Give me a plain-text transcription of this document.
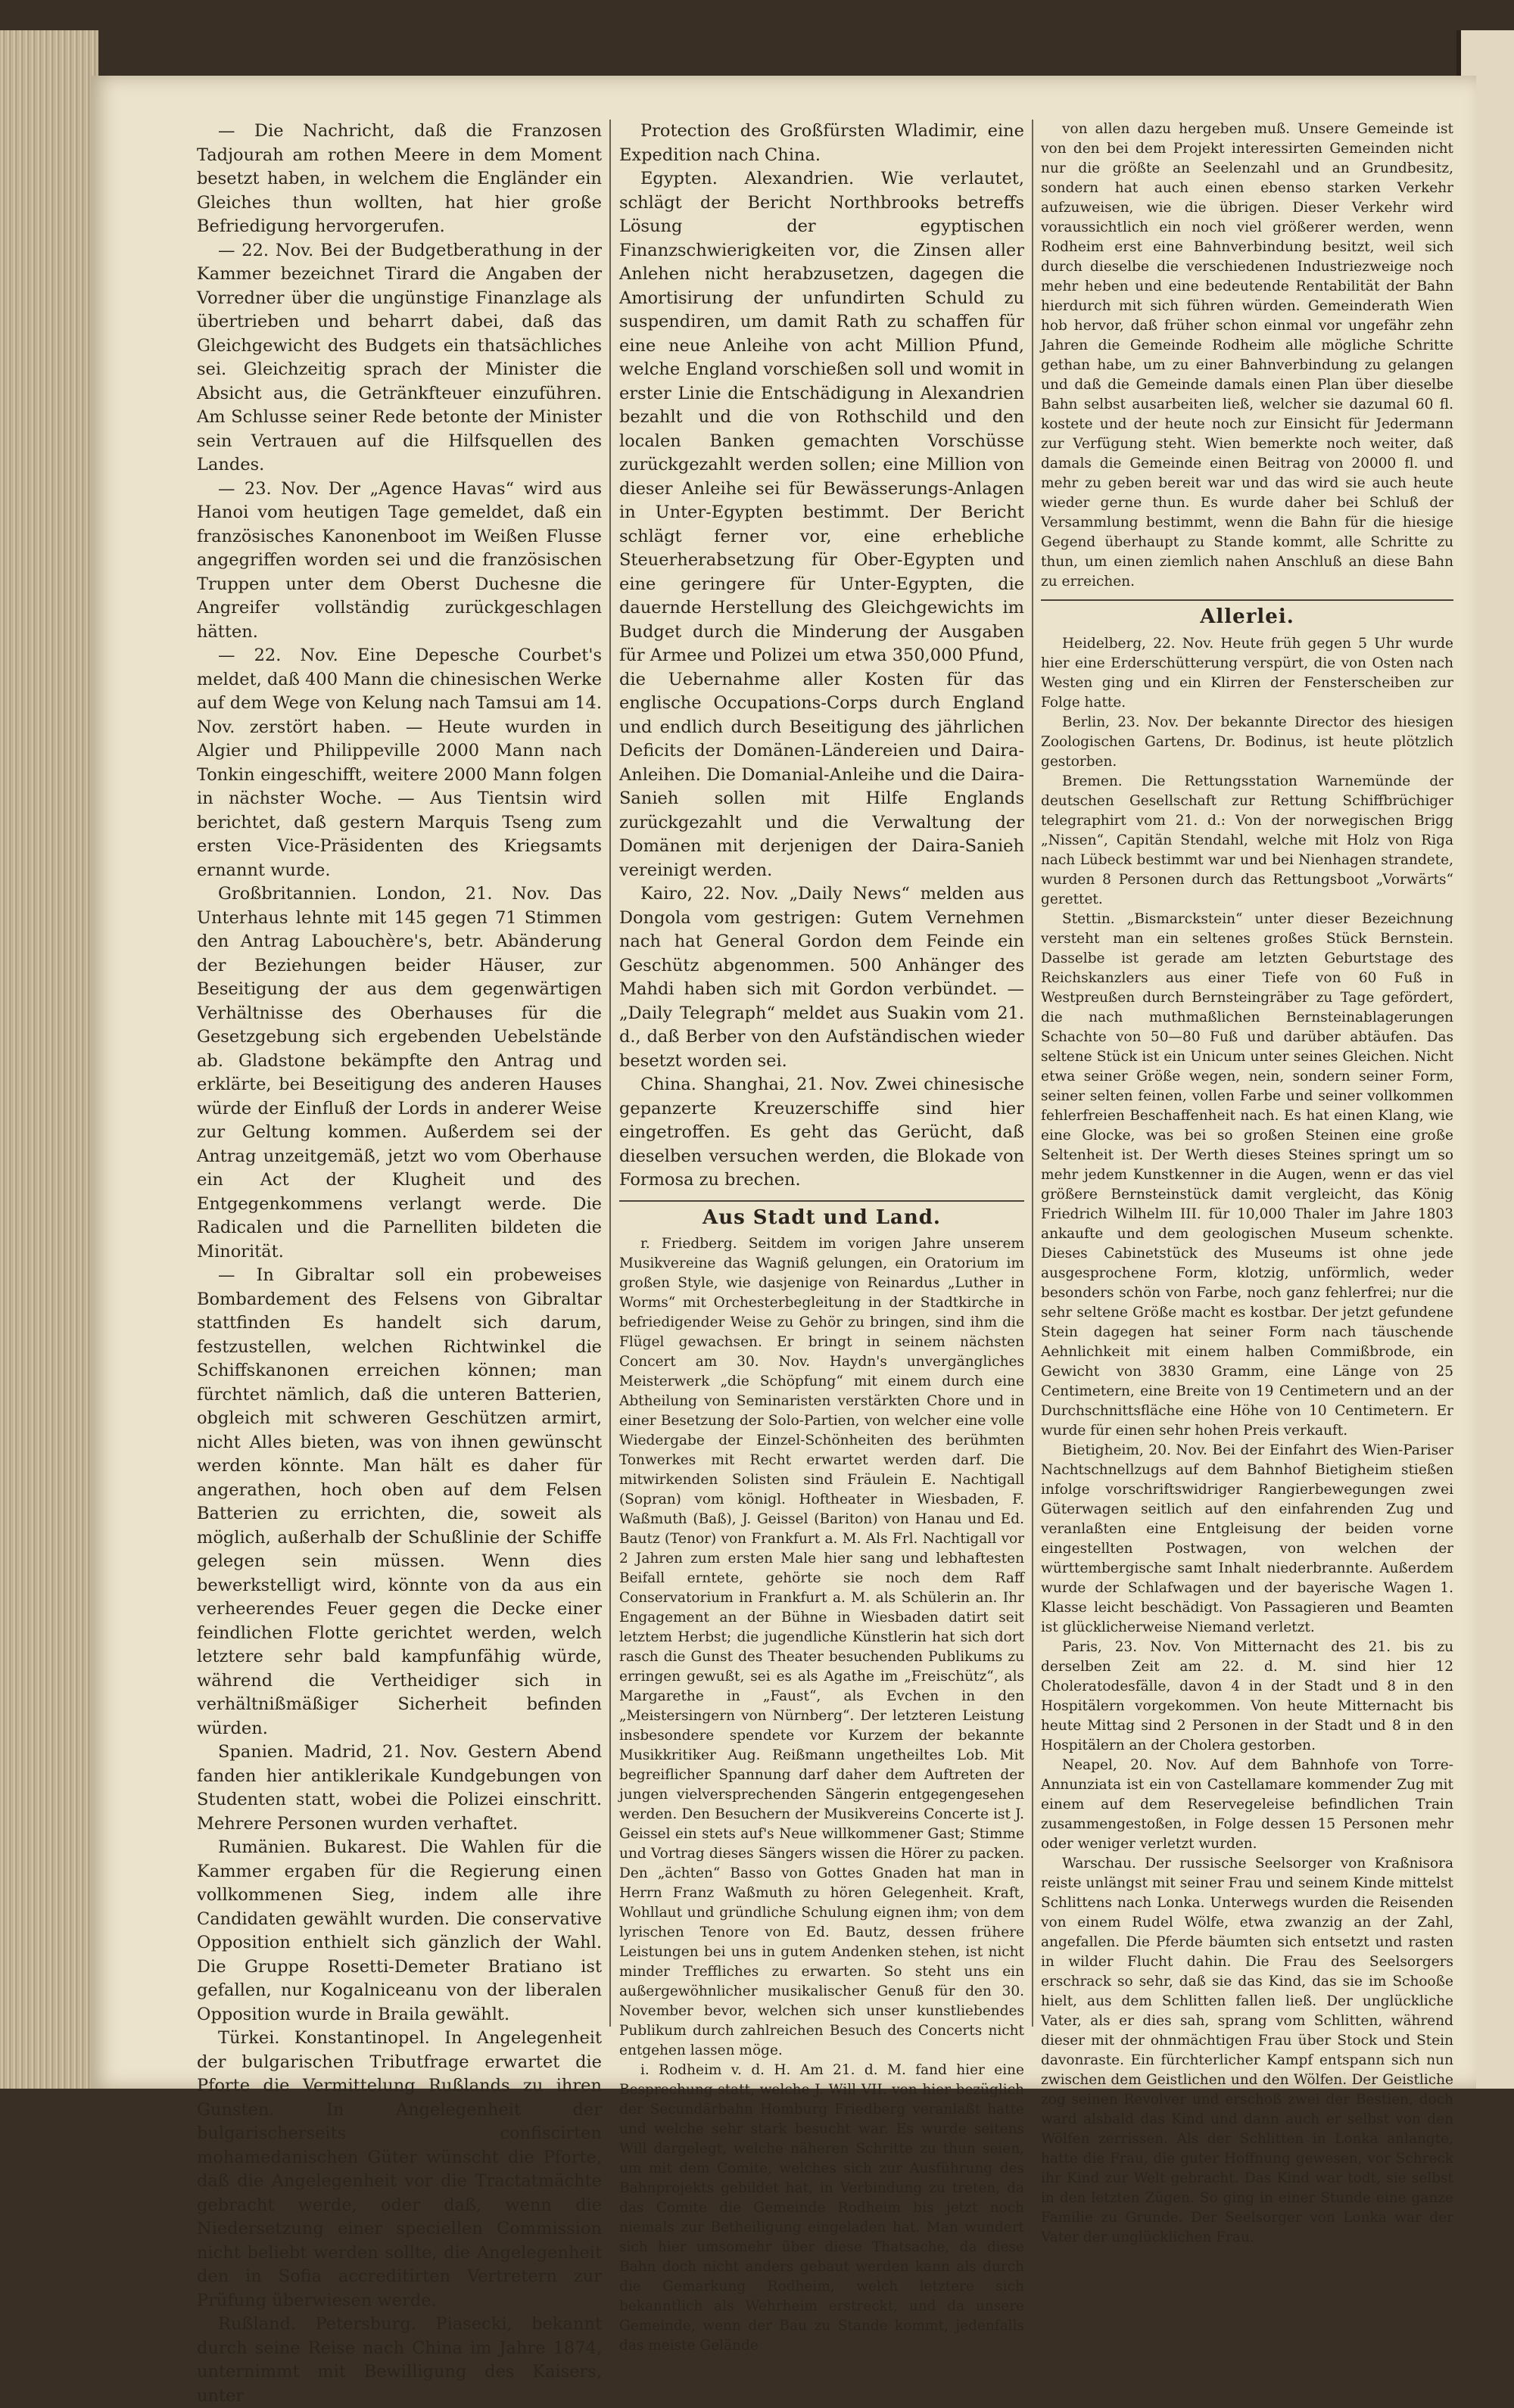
— Die Nachricht, daß die Franzosen Tadjourah am rothen Meere in dem Moment besetzt haben, in welchem die Engländer ein Gleiches thun wollten, hat hier große Befriedigung hervorgerufen.

— 22. Nov. Bei der Budgetberathung in der Kammer bezeichnet Tirard die Angaben der Vorredner über die ungünstige Finanzlage als übertrieben und beharrt dabei, daß das Gleichgewicht des Budgets ein thatsächliches sei. Gleichzeitig sprach der Minister die Absicht aus, die Getränkfteuer einzuführen. Am Schlusse seiner Rede betonte der Minister sein Vertrauen auf die Hilfsquellen des Landes.

— 23. Nov. Der „Agence Havas“ wird aus Hanoi vom heutigen Tage gemeldet, daß ein französisches Kanonenboot im Weißen Flusse angegriffen worden sei und die französischen Truppen unter dem Oberst Duchesne die Angreifer vollständig zurückgeschlagen hätten.

— 22. Nov. Eine Depesche Courbet's meldet, daß 400 Mann die chinesischen Werke auf dem Wege von Kelung nach Tamsui am 14. Nov. zerstört haben. — Heute wurden in Algier und Philippeville 2000 Mann nach Tonkin eingeschifft, weitere 2000 Mann folgen in nächster Woche. — Aus Tientsin wird berichtet, daß gestern Marquis Tseng zum ersten Vice-Präsidenten des Kriegsamts ernannt wurde.

Großbritannien. London, 21. Nov. Das Unterhaus lehnte mit 145 gegen 71 Stimmen den Antrag Labouchère's, betr. Abänderung der Beziehungen beider Häuser, zur Beseitigung der aus dem gegenwärtigen Verhältnisse des Oberhauses für die Gesetzgebung sich ergebenden Uebelstände ab. Gladstone bekämpfte den Antrag und erklärte, bei Beseitigung des anderen Hauses würde der Einfluß der Lords in anderer Weise zur Geltung kommen. Außerdem sei der Antrag unzeitgemäß, jetzt wo vom Oberhause ein Act der Klugheit und des Entgegenkommens verlangt werde. Die Radicalen und die Parnelliten bildeten die Minorität.

— In Gibraltar soll ein probeweises Bombardement des Felsens von Gibraltar stattfinden Es handelt sich darum, festzustellen, welchen Richtwinkel die Schiffskanonen erreichen können; man fürchtet nämlich, daß die unteren Batterien, obgleich mit schweren Geschützen armirt, nicht Alles bieten, was von ihnen gewünscht werden könnte. Man hält es daher für angerathen, hoch oben auf dem Felsen Batterien zu errichten, die, soweit als möglich, außerhalb der Schußlinie der Schiffe gelegen sein müssen. Wenn dies bewerkstelligt wird, könnte von da aus ein verheerendes Feuer gegen die Decke einer feindlichen Flotte gerichtet werden, welch letztere sehr bald kampfunfähig würde, während die Vertheidiger sich in verhältnißmäßiger Sicherheit befinden würden.

Spanien. Madrid, 21. Nov. Gestern Abend fanden hier antiklerikale Kundgebungen von Studenten statt, wobei die Polizei einschritt. Mehrere Personen wurden verhaftet.

Rumänien. Bukarest. Die Wahlen für die Kammer ergaben für die Regierung einen vollkommenen Sieg, indem alle ihre Candidaten gewählt wurden. Die conservative Opposition enthielt sich gänzlich der Wahl. Die Gruppe Rosetti-Demeter Bratiano ist gefallen, nur Kogalniceanu von der liberalen Opposition wurde in Braila gewählt.

Türkei. Konstantinopel. In Angelegenheit der bulgarischen Tributfrage erwartet die Pforte die Vermittelung Rußlands zu ihren Gunsten. In Angelegenheit der bulgarischerseits confiscirten mohamedanischen Güter wünscht die Pforte, daß die Angelegenheit vor die Tractatmächte gebracht werde, oder daß, wenn die Niedersetzung einer speciellen Commission nicht beliebt werden sollte, die Angelegenheit den in Sofia accreditirten Vertretern zur Prüfung überwiesen werde.

Rußland. Petersburg. Piasecki, bekannt durch seine Reise nach China im Jahre 1874, unternimmt mit Bewilligung des Kaisers, unter

Protection des Großfürsten Wladimir, eine Expedition nach China.

Egypten. Alexandrien. Wie verlautet, schlägt der Bericht Northbrooks betreffs Lösung der egyptischen Finanzschwierigkeiten vor, die Zinsen aller Anlehen nicht herabzusetzen, dagegen die Amortisirung der unfundirten Schuld zu suspendiren, um damit Rath zu schaffen für eine neue Anleihe von acht Million Pfund, welche England vorschießen soll und womit in erster Linie die Entschädigung in Alexandrien bezahlt und die von Rothschild und den localen Banken gemachten Vorschüsse zurückgezahlt werden sollen; eine Million von dieser Anleihe sei für Bewässerungs-Anlagen in Unter-Egypten bestimmt. Der Bericht schlägt ferner vor, eine erhebliche Steuerherabsetzung für Ober-Egypten und eine geringere für Unter-Egypten, die dauernde Herstellung des Gleichgewichts im Budget durch die Minderung der Ausgaben für Armee und Polizei um etwa 350,000 Pfund, die Uebernahme aller Kosten für das englische Occupations-Corps durch England und endlich durch Beseitigung des jährlichen Deficits der Domänen-Ländereien und Daira-Anleihen. Die Domanial-Anleihe und die Daira-Sanieh sollen mit Hilfe Englands zurückgezahlt und die Verwaltung der Domänen mit derjenigen der Daira-Sanieh vereinigt werden.

Kairo, 22. Nov. „Daily News“ melden aus Dongola vom gestrigen: Gutem Vernehmen nach hat General Gordon dem Feinde ein Geschütz abgenommen. 500 Anhänger des Mahdi haben sich mit Gordon verbündet. — „Daily Telegraph“ meldet aus Suakin vom 21. d., daß Berber von den Aufständischen wieder besetzt worden sei.

China. Shanghai, 21. Nov. Zwei chinesische gepanzerte Kreuzerschiffe sind hier eingetroffen. Es geht das Gerücht, daß dieselben versuchen werden, die Blokade von Formosa zu brechen.

Aus Stadt und Land.

r. Friedberg. Seitdem im vorigen Jahre unserem Musikvereine das Wagniß gelungen, ein Oratorium im großen Style, wie dasjenige von Reinardus „Luther in Worms“ mit Orchesterbegleitung in der Stadtkirche in befriedigender Weise zu Gehör zu bringen, sind ihm die Flügel gewachsen. Er bringt in seinem nächsten Concert am 30. Nov. Haydn's unvergängliches Meisterwerk „die Schöpfung“ mit einem durch eine Abtheilung von Seminaristen verstärkten Chore und in einer Besetzung der Solo-Partien, von welcher eine volle Wiedergabe der Einzel-Schönheiten des berühmten Tonwerkes mit Recht erwartet werden darf. Die mitwirkenden Solisten sind Fräulein E. Nachtigall (Sopran) vom königl. Hoftheater in Wiesbaden, F. Waßmuth (Baß), J. Geissel (Bariton) von Hanau und Ed. Bautz (Tenor) von Frankfurt a. M. Als Frl. Nachtigall vor 2 Jahren zum ersten Male hier sang und lebhaftesten Beifall erntete, gehörte sie noch dem Raff Conservatorium in Frankfurt a. M. als Schülerin an. Ihr Engagement an der Bühne in Wiesbaden datirt seit letztem Herbst; die jugendliche Künstlerin hat sich dort rasch die Gunst des Theater besuchenden Publikums zu erringen gewußt, sei es als Agathe im „Freischütz“, als Margarethe in „Faust“, als Evchen in den „Meistersingern von Nürnberg“. Der letzteren Leistung insbesondere spendete vor Kurzem der bekannte Musikkritiker Aug. Reißmann ungetheiltes Lob. Mit begreiflicher Spannung darf daher dem Auftreten der jungen vielversprechenden Sängerin entgegengesehen werden. Den Besuchern der Musikvereins Concerte ist J. Geissel ein stets auf's Neue willkommener Gast; Stimme und Vortrag dieses Sängers wissen die Hörer zu packen. Den „ächten“ Basso von Gottes Gnaden hat man in Herrn Franz Waßmuth zu hören Gelegenheit. Kraft, Wohllaut und gründliche Schulung eignen ihm; von dem lyrischen Tenore von Ed. Bautz, dessen frühere Leistungen bei uns in gutem Andenken stehen, ist nicht minder Treffliches zu erwarten. So steht uns ein außergewöhnlicher musikalischer Genuß für den 30. November bevor, welchen sich unser kunstliebendes Publikum durch zahlreichen Besuch des Concerts nicht entgehen lassen möge.

i. Rodheim v. d. H. Am 21. d. M. fand hier eine Besprechung statt, welche J. Will VII. von hier bezüglich der Secundärbahn Homburg Friedberg veranlaßt hatte und welche sehr stark besucht war. Es wurde seitens Will dargelegt, welche näheren Schritte zu thun seien, um mit dem Comite, welches sich zur Ausführung des Bahnprojekts gebildet hat, in Verbindung zu treten, da das Comite die Gemeinde Rodheim bis jetzt noch niemals zur Betheiligung eingeladen hat. Man wundert sich hier umsomehr über diese Thatsache, da diese Bahn doch nicht anders gebaut werden kann als durch die Gemarkung Rodheim, welch letztere sich bekanntlich als Wehrheim erstreckt, und da unsere Gemeinde, wenn der Bau zu Stande kommt, jedenfalls das meiste Gelände

von allen dazu hergeben muß. Unsere Gemeinde ist von den bei dem Projekt interessirten Gemeinden nicht nur die größte an Seelenzahl und an Grundbesitz, sondern hat auch einen ebenso starken Verkehr aufzuweisen, wie die übrigen. Dieser Verkehr wird voraussichtlich ein noch viel größerer werden, wenn Rodheim erst eine Bahnverbindung besitzt, weil sich durch dieselbe die verschiedenen Industriezweige noch mehr heben und eine bedeutende Rentabilität der Bahn hierdurch mit sich führen würden. Gemeinderath Wien hob hervor, daß früher schon einmal vor ungefähr zehn Jahren die Gemeinde Rodheim alle mögliche Schritte gethan habe, um zu einer Bahnverbindung zu gelangen und daß die Gemeinde damals einen Plan über dieselbe Bahn selbst ausarbeiten ließ, welcher sie dazumal 60 fl. kostete und der heute noch zur Einsicht für Jedermann zur Verfügung steht. Wien bemerkte noch weiter, daß damals die Gemeinde einen Beitrag von 20000 fl. und mehr zu geben bereit war und das wird sie auch heute wieder gerne thun. Es wurde daher bei Schluß der Versammlung bestimmt, wenn die Bahn für die hiesige Gegend überhaupt zu Stande kommt, alle Schritte zu thun, um einen ziemlich nahen Anschluß an diese Bahn zu erreichen.

Allerlei.

Heidelberg, 22. Nov. Heute früh gegen 5 Uhr wurde hier eine Erderschütterung verspürt, die von Osten nach Westen ging und ein Klirren der Fensterscheiben zur Folge hatte.

Berlin, 23. Nov. Der bekannte Director des hiesigen Zoologischen Gartens, Dr. Bodinus, ist heute plötzlich gestorben.

Bremen. Die Rettungsstation Warnemünde der deutschen Gesellschaft zur Rettung Schiffbrüchiger telegraphirt vom 21. d.: Von der norwegischen Brigg „Nissen“, Capitän Stendahl, welche mit Holz von Riga nach Lübeck bestimmt war und bei Nienhagen strandete, wurden 8 Personen durch das Rettungsboot „Vorwärts“ gerettet.

Stettin. „Bismarckstein“ unter dieser Bezeichnung versteht man ein seltenes großes Stück Bernstein. Dasselbe ist gerade am letzten Geburtstage des Reichskanzlers aus einer Tiefe von 60 Fuß in Westpreußen durch Bernsteingräber zu Tage gefördert, die nach muthmaßlichen Bernsteinablagerungen Schachte von 50—80 Fuß und darüber abtäufen. Das seltene Stück ist ein Unicum unter seines Gleichen. Nicht etwa seiner Größe wegen, nein, sondern seiner Form, seiner selten feinen, vollen Farbe und seiner vollkommen fehlerfreien Beschaffenheit nach. Es hat einen Klang, wie eine Glocke, was bei so großen Steinen eine große Seltenheit ist. Der Werth dieses Steines springt um so mehr jedem Kunstkenner in die Augen, wenn er das viel größere Bernsteinstück damit vergleicht, das König Friedrich Wilhelm III. für 10,000 Thaler im Jahre 1803 ankaufte und dem geologischen Museum schenkte. Dieses Cabinetstück des Museums ist ohne jede ausgesprochene Form, klotzig, unförmlich, weder besonders schön von Farbe, noch ganz fehlerfrei; nur die sehr seltene Größe macht es kostbar. Der jetzt gefundene Stein dagegen hat seiner Form nach täuschende Aehnlichkeit mit einem halben Commißbrode, ein Gewicht von 3830 Gramm, eine Länge von 25 Centimetern, eine Breite von 19 Centimetern und an der Durchschnittsfläche eine Höhe von 10 Centimetern. Er wurde für einen sehr hohen Preis verkauft.

Bietigheim, 20. Nov. Bei der Einfahrt des Wien-Pariser Nachtschnellzugs auf dem Bahnhof Bietigheim stießen infolge vorschriftswidriger Rangierbewegungen zwei Güterwagen seitlich auf den einfahrenden Zug und veranlaßten eine Entgleisung der beiden vorne eingestellten Postwagen, von welchen der württembergische samt Inhalt niederbrannte. Außerdem wurde der Schlafwagen und der bayerische Wagen 1. Klasse leicht beschädigt. Von Passagieren und Beamten ist glücklicherweise Niemand verletzt.

Paris, 23. Nov. Von Mitternacht des 21. bis zu derselben Zeit am 22. d. M. sind hier 12 Choleratodesfälle, davon 4 in der Stadt und 8 in den Hospitälern vorgekommen. Von heute Mitternacht bis heute Mittag sind 2 Personen in der Stadt und 8 in den Hospitälern an der Cholera gestorben.

Neapel, 20. Nov. Auf dem Bahnhofe von Torre-Annunziata ist ein von Castellamare kommender Zug mit einem auf dem Reservegeleise befindlichen Train zusammengestoßen, in Folge dessen 15 Personen mehr oder weniger verletzt wurden.

Warschau. Der russische Seelsorger von Kraßnisora reiste unlängst mit seiner Frau und seinem Kinde mittelst Schlittens nach Lonka. Unterwegs wurden die Reisenden von einem Rudel Wölfe, etwa zwanzig an der Zahl, angefallen. Die Pferde bäumten sich entsetzt und rasten in wilder Flucht dahin. Die Frau des Seelsorgers erschrack so sehr, daß sie das Kind, das sie im Schooße hielt, aus dem Schlitten fallen ließ. Der unglückliche Vater, als er dies sah, sprang vom Schlitten, während dieser mit der ohnmächtigen Frau über Stock und Stein davonraste. Ein fürchterlicher Kampf entspann sich nun zwischen dem Geistlichen und den Wölfen. Der Geistliche zog seinen Revolver und erschoß zwei der Bestien, doch ward alsbald das Kind und dann auch er selbst von den Wölfen zerrissen. Als der Schlitten in Lonka anlangte, hatte die Frau, die guter Hoffnung gewesen, vor Schreck ihr Kind zur Welt gebracht. Das Kind war todt, sie selbst in den letzten Zügen. So ging in einer Stunde eine ganze Familie zu Grunde. Der Seelsorger von Lonka war der Vater der unglücklichen Frau.
